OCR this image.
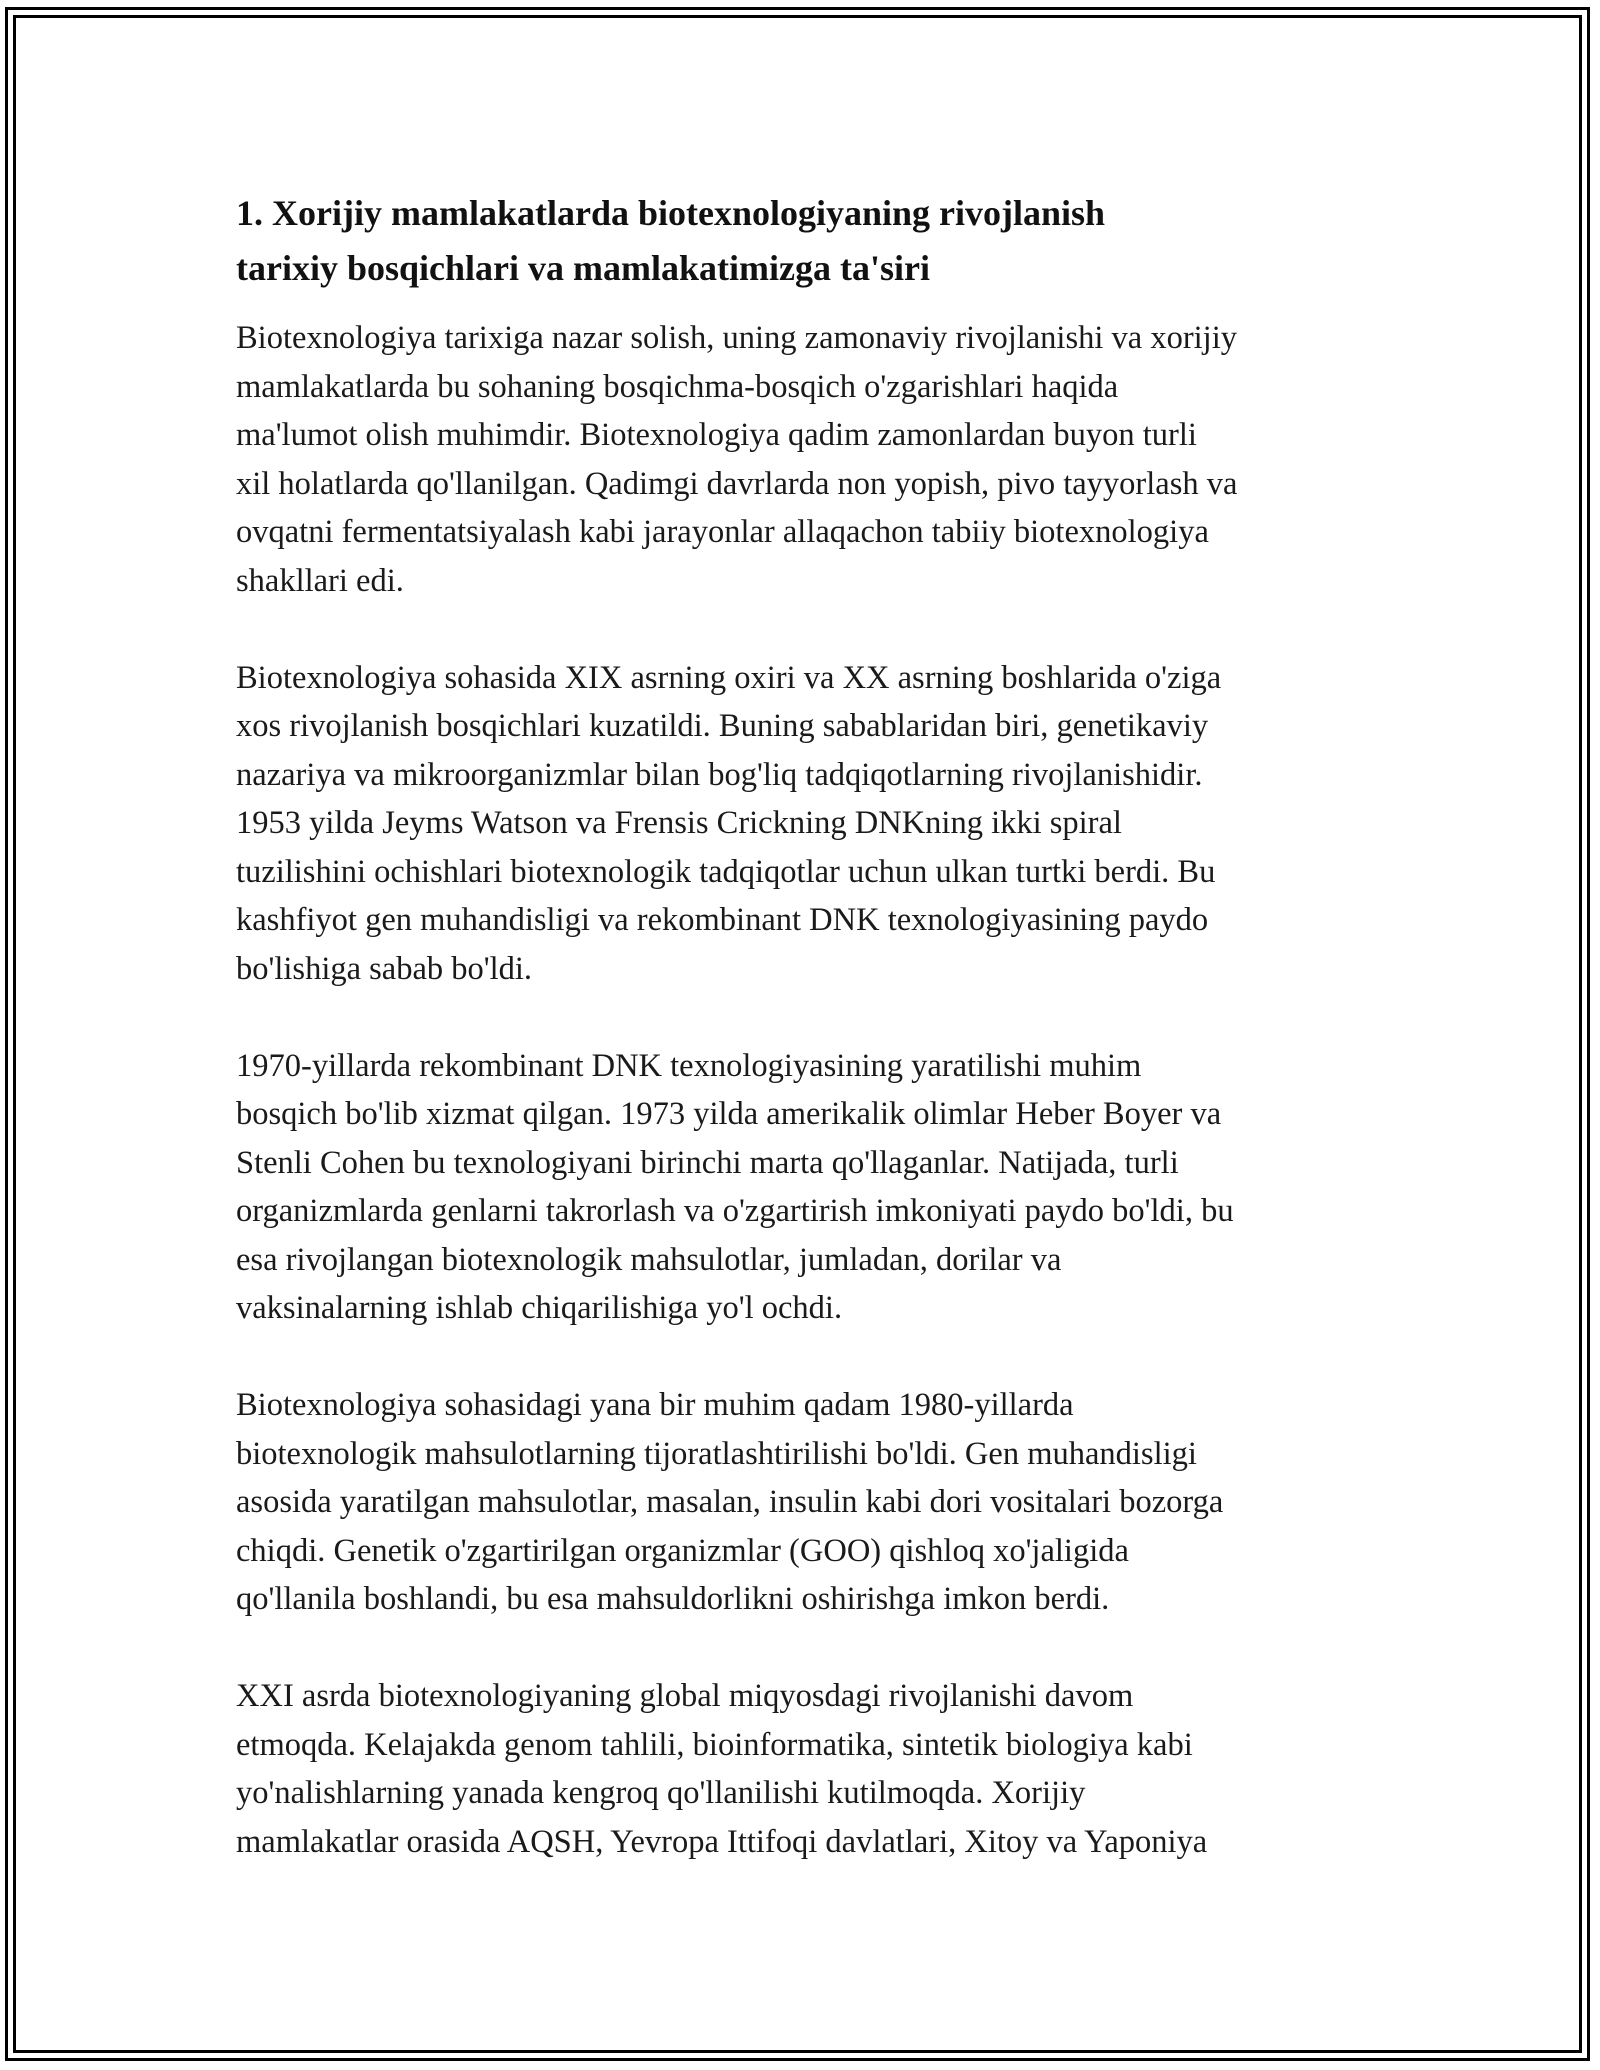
1. Xorijiy mamlakatlarda biotexnologiyaning rivojlanish
tarixiy bosqichlari va mamlakatimizga ta'siri

Biotexnologiya tarixiga nazar solish, uning zamonaviy rivojlanishi va xorijiy
mamlakatlarda bu sohaning bosqichma-bosqich o'zgarishlari haqida
ma'lumot olish muhimdir. Biotexnologiya qadim zamonlardan buyon turli
xil holatlarda qo'llanilgan. Qadimgi davrlarda non yopish, pivo tayyorlash va
ovqatni fermentatsiyalash kabi jarayonlar allaqachon tabiiy biotexnologiya
shakllari edi.

Biotexnologiya sohasida XIX asrning oxiri va XX asrning boshlarida o'ziga
xos rivojlanish bosqichlari kuzatildi. Buning sabablaridan biri, genetikaviy
nazariya va mikroorganizmlar bilan bog'liq tadqiqotlarning rivojlanishidir.
1953 yilda Jeyms Watson va Frensis Crickning DNKning ikki spiral
tuzilishini ochishlari biotexnologik tadqiqotlar uchun ulkan turtki berdi. Bu
kashfiyot gen muhandisligi va rekombinant DNK texnologiyasining paydo
bo'lishiga sabab bo'ldi.

1970-yillarda rekombinant DNK texnologiyasining yaratilishi muhim
bosqich bo'lib xizmat qilgan. 1973 yilda amerikalik olimlar Heber Boyer va
Stenli Cohen bu texnologiyani birinchi marta qo'llaganlar. Natijada, turli
organizmlarda genlarni takrorlash va o'zgartirish imkoniyati paydo bo'ldi, bu
esa rivojlangan biotexnologik mahsulotlar, jumladan, dorilar va
vaksinalarning ishlab chiqarilishiga yo'l ochdi.

Biotexnologiya sohasidagi yana bir muhim qadam 1980-yillarda
biotexnologik mahsulotlarning tijoratlashtirilishi bo'ldi. Gen muhandisligi
asosida yaratilgan mahsulotlar, masalan, insulin kabi dori vositalari bozorga
chiqdi. Genetik o'zgartirilgan organizmlar (GOO) qishloq xo'jaligida
qo'llanila boshlandi, bu esa mahsuldorlikni oshirishga imkon berdi.

XXI asrda biotexnologiyaning global miqyosdagi rivojlanishi davom
etmoqda. Kelajakda genom tahlili, bioinformatika, sintetik biologiya kabi
yo'nalishlarning yanada kengroq qo'llanilishi kutilmoqda. Xorijiy
mamlakatlar orasida AQSH, Yevropa Ittifoqi davlatlari, Xitoy va Yaponiya
